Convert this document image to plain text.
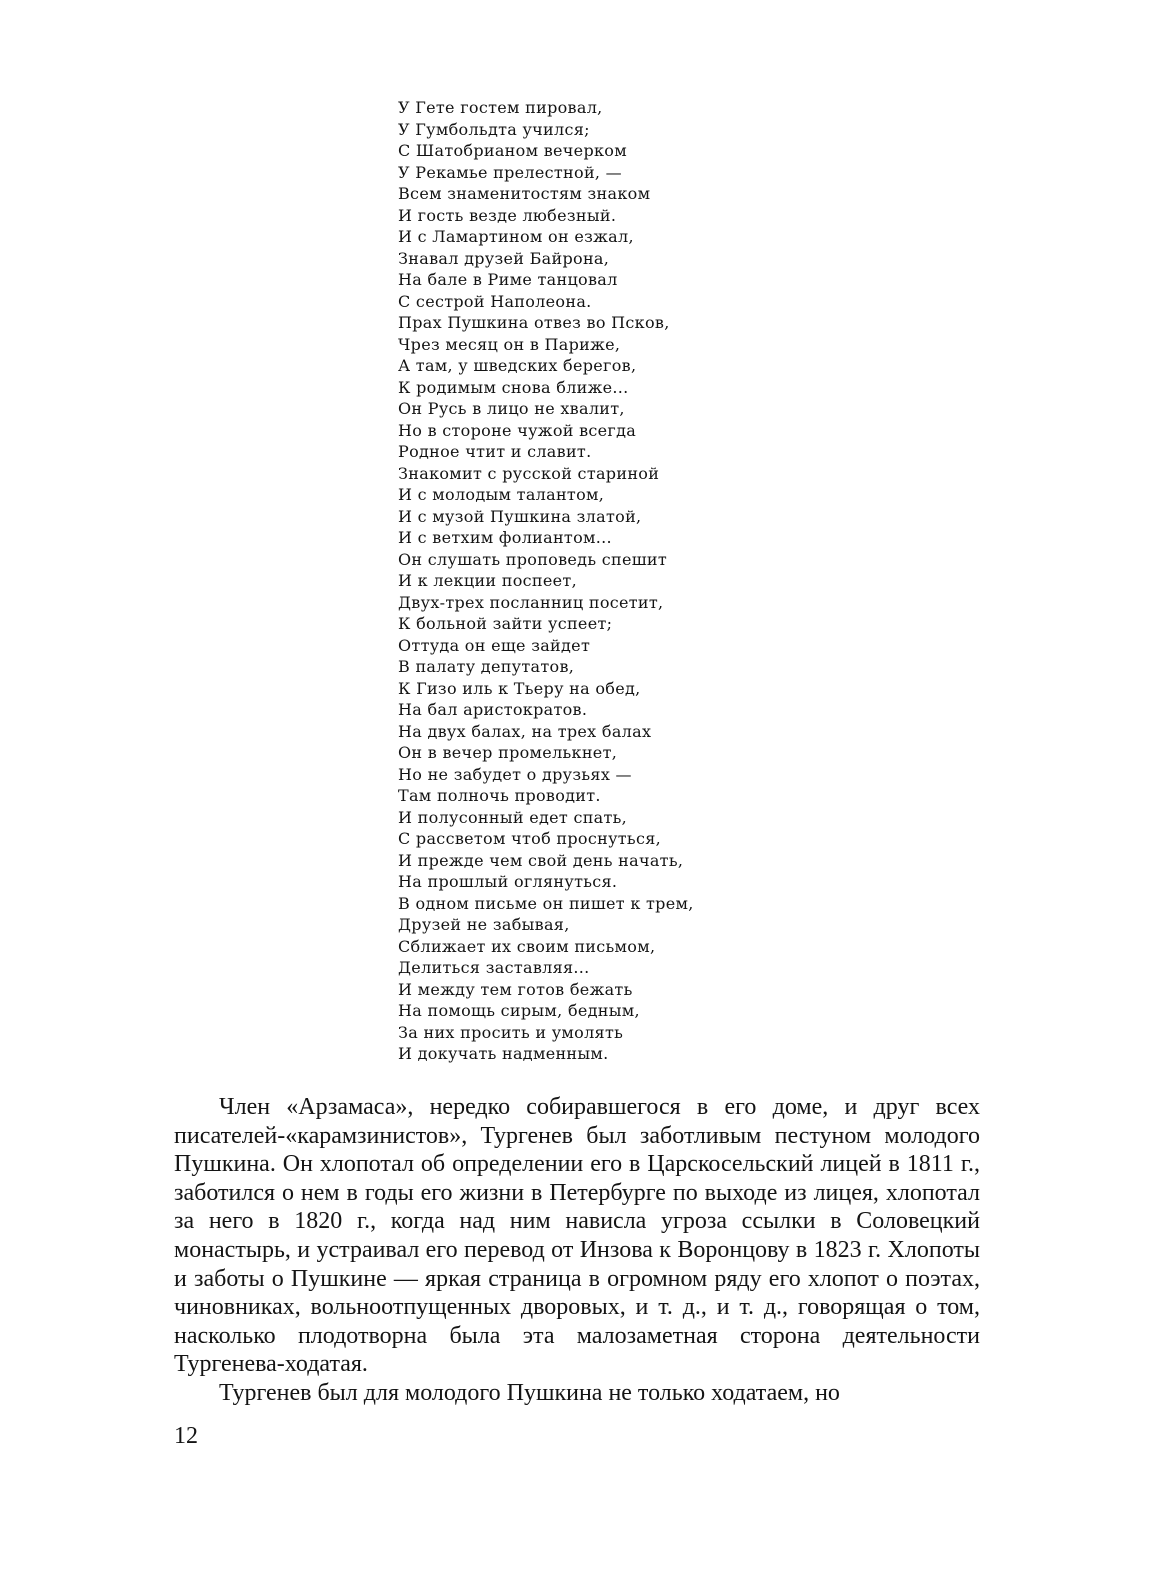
У Гете гостем пировал,
У Гумбольдта учился;
С Шатобрианом вечерком
У Рекамье прелестной, —
Всем знаменитостям знаком
И гость везде любезный.
И с Ламартином он езжал,
Знавал друзей Байрона,
На бале в Риме танцовал
С сестрой Наполеона.
Прах Пушкина отвез во Псков,
Чрез месяц он в Париже,
А там, у шведских берегов,
К родимым снова ближе...
Он Русь в лицо не хвалит,
Но в стороне чужой всегда
Родное чтит и славит.
Знакомит с русской стариной
И с молодым талантом,
И с музой Пушкина златой,
И с ветхим фолиантом...
Он слушать проповедь спешит
И к лекции поспеет,
Двух-трех посланниц посетит,
К больной зайти успеет;
Оттуда он еще зайдет
В палату депутатов,
К Гизо иль к Тьеру на обед,
На бал аристократов.
На двух балах, на трех балах
Он в вечер промелькнет,
Но не забудет о друзьях —
Там полночь проводит.
И полусонный едет спать,
С рассветом чтоб проснуться,
И прежде чем свой день начать,
На прошлый оглянуться.
В одном письме он пишет к трем,
Друзей не забывая,
Сближает их своим письмом,
Делиться заставляя...
И между тем готов бежать
На помощь сирым, бедным,
За них просить и умолять
И докучать надменным.

Член «Арзамаса», нередко собиравшегося в его доме, и друг всех писателей-«карамзинистов», Тургенев был заботливым пестуном молодого Пушкина. Он хлопотал об определении его в Царскосельский лицей в 1811 г., заботился о нем в годы его жизни в Петербурге по выходе из лицея, хлопотал за него в 1820 г., когда над ним нависла угроза ссылки в Соловецкий монастырь, и устраивал его перевод от Инзова к Воронцову в 1823 г. Хлопоты и заботы о Пушкине — яркая страница в огромном ряду его хлопот о поэтах, чиновниках, вольноотпущенных дворовых, и т. д., и т. д., говорящая о том, насколько плодотворна была эта малозаметная сторона деятельности Тургенева-ходатая.

Тургенев был для молодого Пушкина не только ходатаем, но

12
